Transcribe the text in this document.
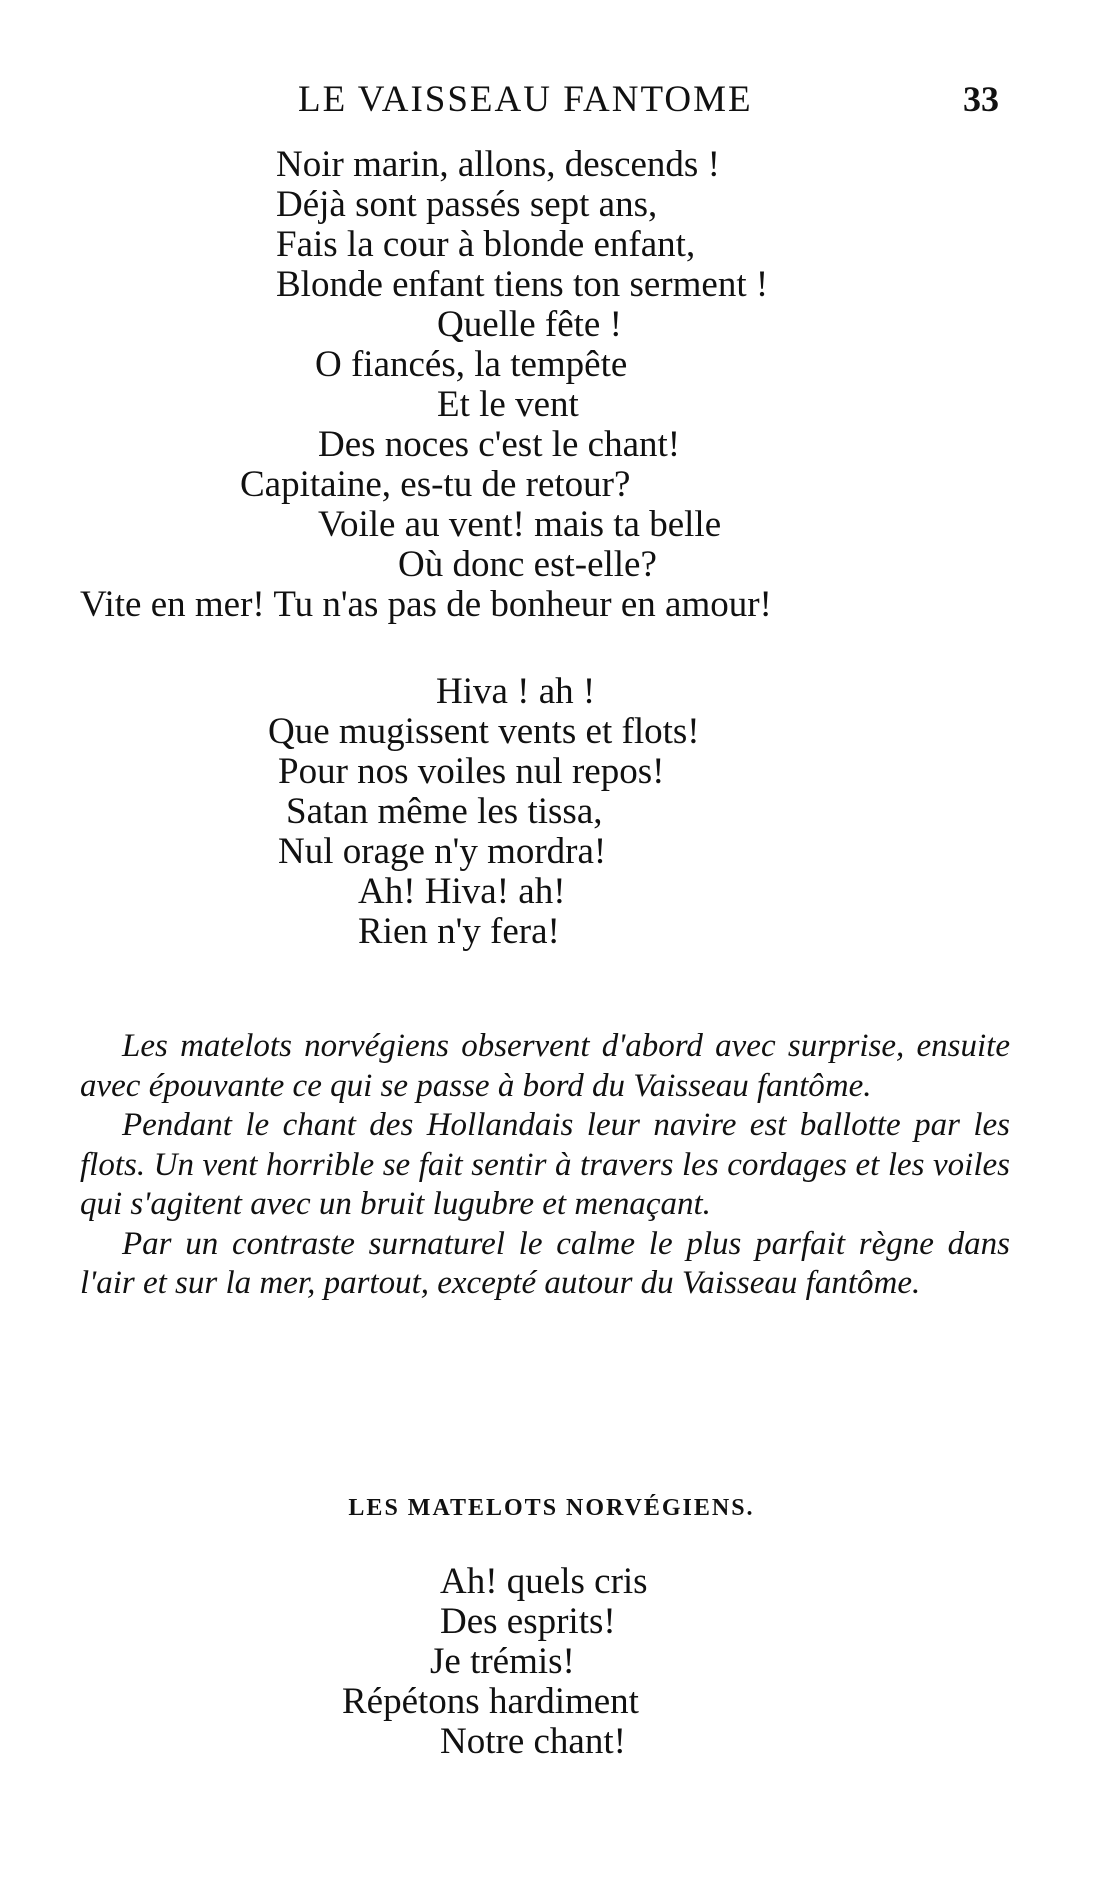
LE VAISSEAU FANTOME	33
Noir marin, allons, descends !
Déjà sont passés sept ans,
Fais la cour à blonde enfant,
Blonde enfant tiens ton serment !
Quelle fête !
O fiancés, la tempête
Et le vent
Des noces c'est le chant!
Capitaine, es-tu de retour?
Voile au vent! mais ta belle
Où donc est-elle?
Vite en mer! Tu n'as pas de bonheur en amour!
Hiva ! ah !
Que mugissent vents et flots!
Pour nos voiles nul repos!
Satan même les tissa,
Nul orage n'y mordra!
Ah! Hiva! ah!
Rien n'y fera!

Les matelots norvégiens observent d'abord avec surprise, ensuite avec épouvante ce qui se passe à bord du Vaisseau fantôme.

Pendant le chant des Hollandais leur navire est ballotte par les flots. Un vent horrible se fait sentir à travers les cordages et les voiles qui s'agitent avec un bruit lugubre et menaçant.

Par un contraste surnaturel le calme le plus parfait règne dans l'air et sur la mer, partout, excepté autour du Vaisseau fantôme.

LES MATELOTS NORVÉGIENS.
Ah! quels cris
Des esprits!
Je trémis!
Répétons hardiment
Notre chant!
